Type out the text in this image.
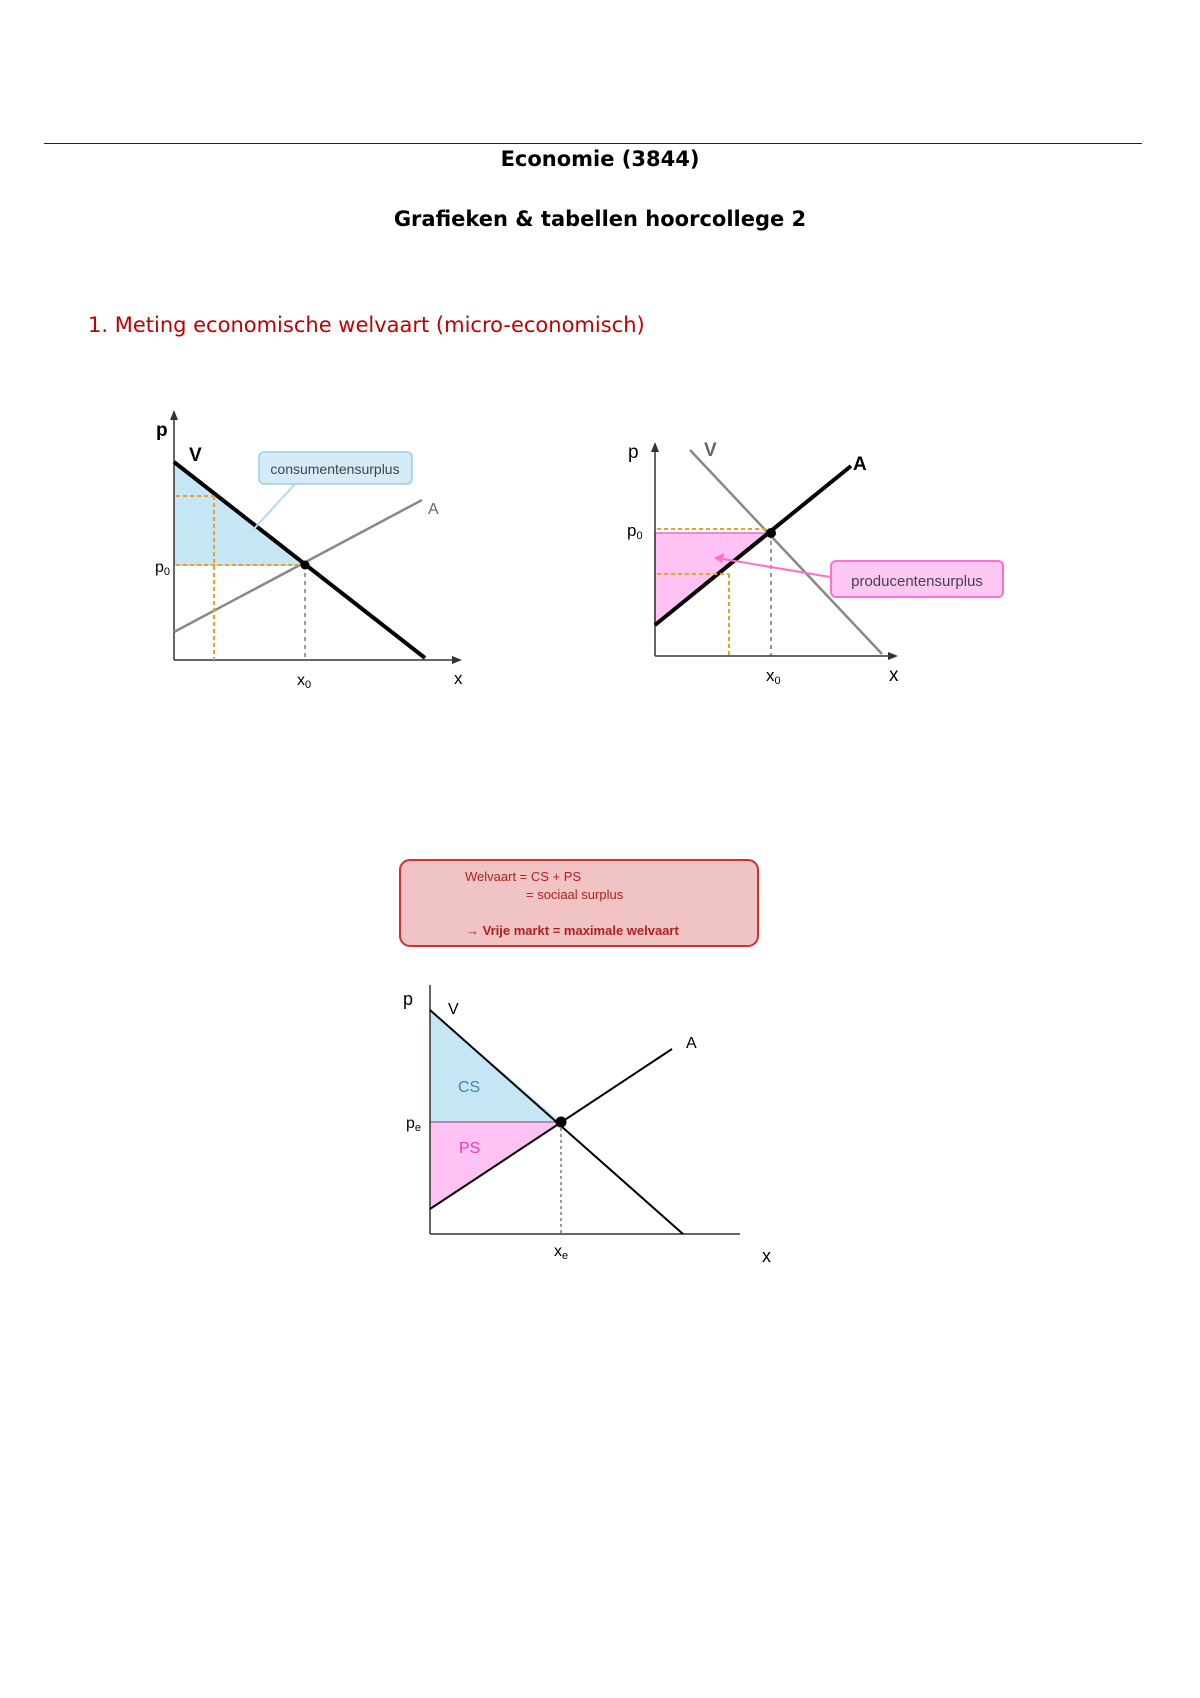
Economie (3844)
Grafieken & tabellen hoorcollege 2
1. Meting economische welvaart (micro-economisch)
consumentensurplus
p
V
A
p0
x0	x
producentensurplus
p	V
A
p0
x0	x
Welvaart = CS + PS
= sociaal surplus
→ Vrije markt = maximale welvaart
CS
PS
p
V
A
pe
xe	x
